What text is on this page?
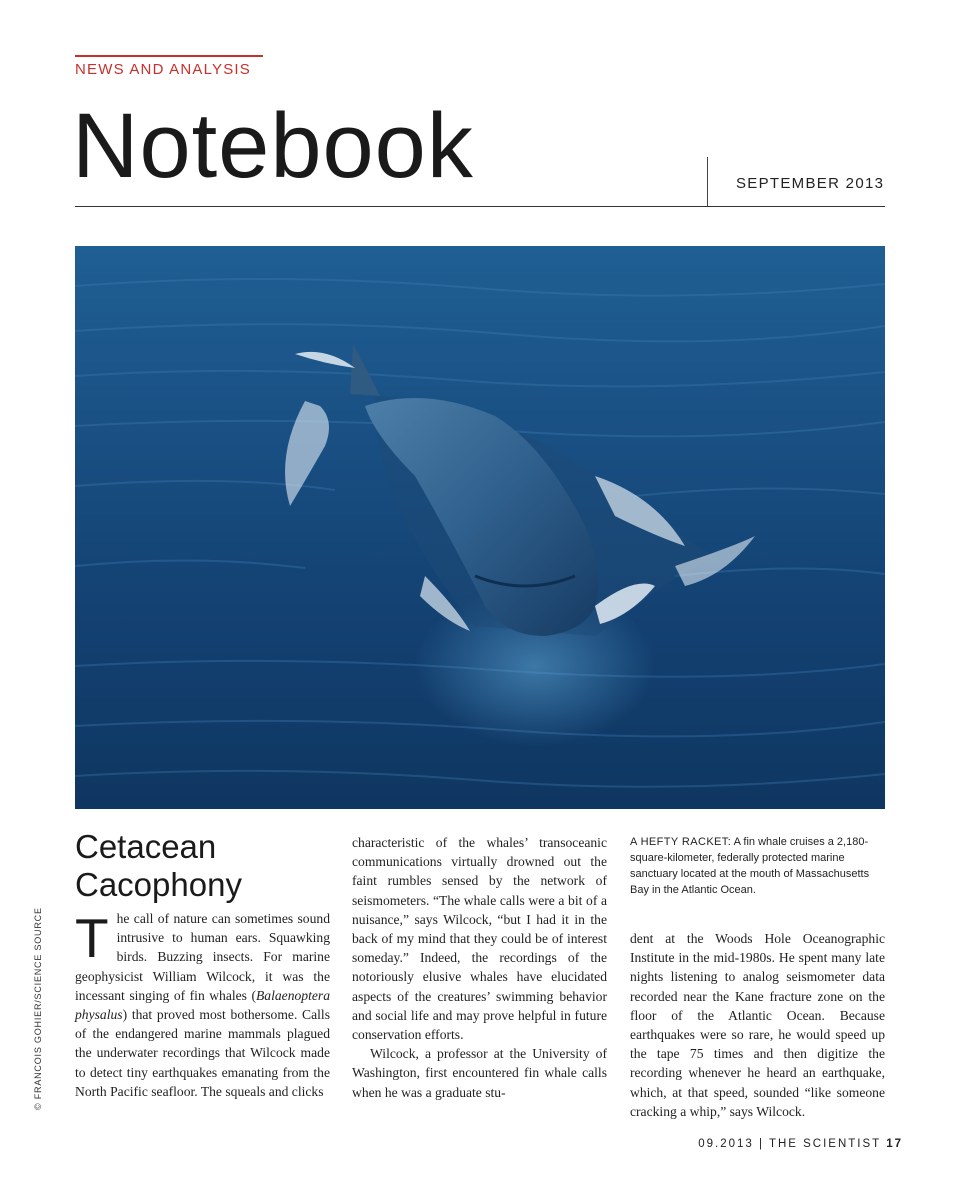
NEWS AND ANALYSIS
Notebook	SEPTEMBER 2013
© FRANCOIS GOHIER/SCIENCE SOURCE
Cetacean Cacophony

The call of nature can sometimes sound intrusive to human ears. Squawking birds. Buzzing insects. For marine geophysicist William Wilcock, it was the incessant singing of fin whales (Balaenoptera physalus) that proved most bothersome. Calls of the endangered marine mammals plagued the underwater recordings that Wilcock made to detect tiny earthquakes emanating from the North Pacific seafloor. The squeals and clicks

characteristic of the whales’ transoceanic communications virtually drowned out the faint rumbles sensed by the network of seismometers. “The whale calls were a bit of a nuisance,” says Wilcock, “but I had it in the back of my mind that they could be of interest someday.” Indeed, the recordings of the notoriously elusive whales have elucidated aspects of the creatures’ swimming behavior and social life and may prove helpful in future conservation efforts.

Wilcock, a professor at the University of Washington, first encountered fin whale calls when he was a graduate stu-

A HEFTY RACKET: A fin whale cruises a 2,180-square-kilometer, federally protected marine sanctuary located at the mouth of Massachusetts Bay in the Atlantic Ocean.

dent at the Woods Hole Oceanographic Institute in the mid-1980s. He spent many late nights listening to analog seismometer data recorded near the Kane fracture zone on the floor of the Atlantic Ocean. Because earthquakes were so rare, he would speed up the tape 75 times and then digitize the recording whenever he heard an earthquake, which, at that speed, sounded “like someone cracking a whip,” says Wilcock.

09.2013 | THE SCIENTIST 17
